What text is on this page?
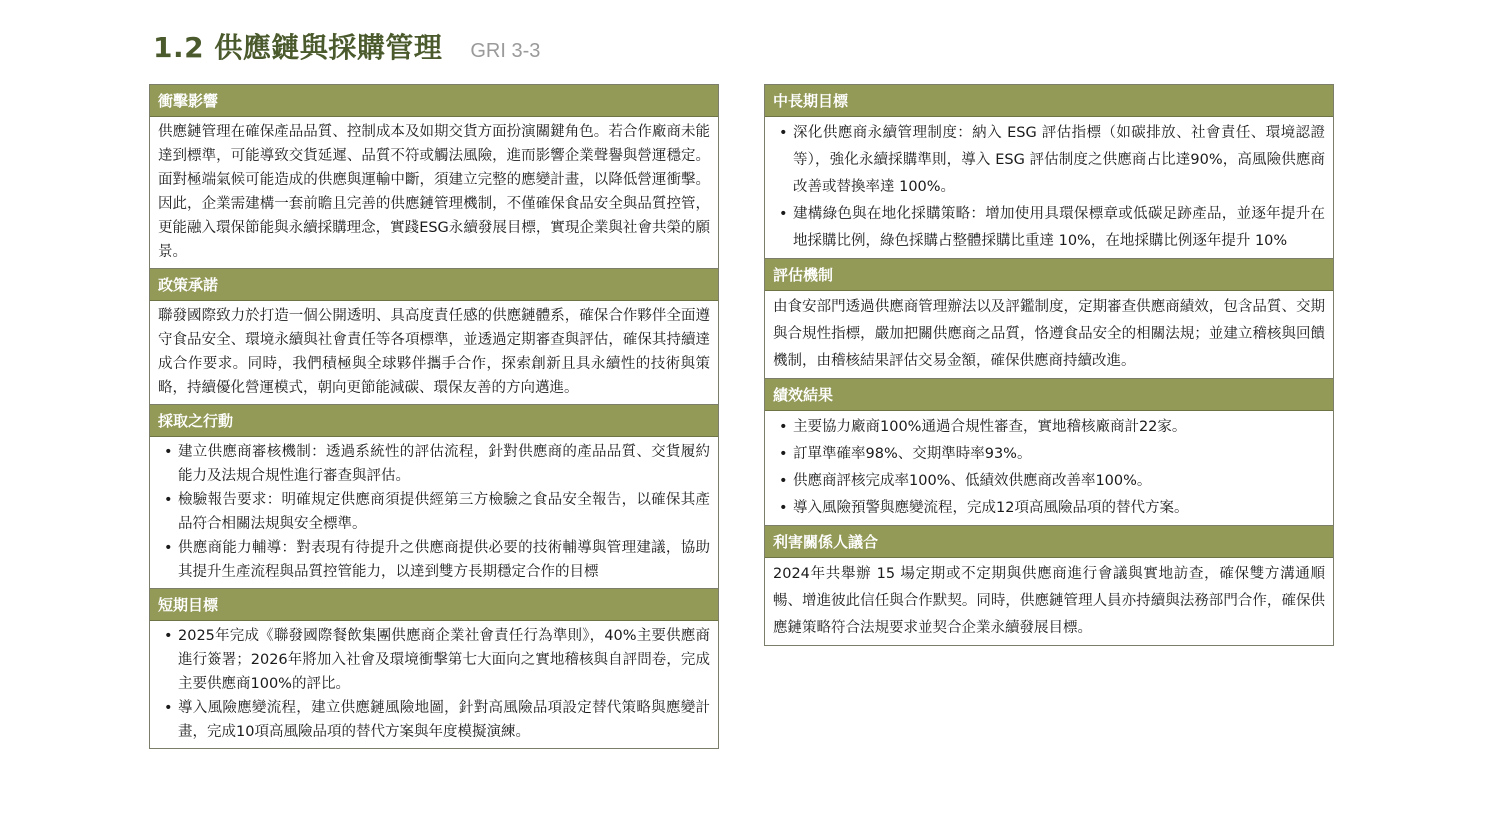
1.2 供應鏈與採購管理 GRI 3-3
衝擊影響
供應鏈管理在確保產品品質、控制成本及如期交貨方面扮演關鍵角色。若合作廠商未能達到標準，可能導致交貨延遲、品質不符或觸法風險，進而影響企業聲譽與營運穩定。面對極端氣候可能造成的供應與運輸中斷，須建立完整的應變計畫，以降低營運衝擊。因此，企業需建構一套前瞻且完善的供應鏈管理機制，不僅確保食品安全與品質控管，更能融入環保節能與永續採購理念，實踐ESG永續發展目標，實現企業與社會共榮的願景。
政策承諾
聯發國際致力於打造一個公開透明、具高度責任感的供應鏈體系，確保合作夥伴全面遵守食品安全、環境永續與社會責任等各項標準，並透過定期審查與評估，確保其持續達成合作要求。同時，我們積極與全球夥伴攜手合作，探索創新且具永續性的技術與策略，持續優化營運模式，朝向更節能減碳、環保友善的方向邁進。
採取之行動
• 建立供應商審核機制：透過系統性的評估流程，針對供應商的產品品質、交貨履約能力及法規合規性進行審查與評估。
• 檢驗報告要求：明確規定供應商須提供經第三方檢驗之食品安全報告，以確保其產品符合相關法規與安全標準。
• 供應商能力輔導：對表現有待提升之供應商提供必要的技術輔導與管理建議，協助其提升生產流程與品質控管能力，以達到雙方長期穩定合作的目標
短期目標
• 2025年完成《聯發國際餐飲集團供應商企業社會責任行為準則》，40%主要供應商進行簽署；2026年將加入社會及環境衝擊第七大面向之實地稽核與自評問卷，完成主要供應商100%的評比。
• 導入風險應變流程，建立供應鏈風險地圖，針對高風險品項設定替代策略與應變計畫，完成10項高風險品項的替代方案與年度模擬演練。
中長期目標
• 深化供應商永續管理制度：納入 ESG 評估指標（如碳排放、社會責任、環境認證等），強化永續採購準則，導入 ESG 評估制度之供應商占比達90%，高風險供應商改善或替換率達 100%。
• 建構綠色與在地化採購策略：增加使用具環保標章或低碳足跡產品，並逐年提升在地採購比例，綠色採購占整體採購比重達 10%，在地採購比例逐年提升 10%
評估機制
由食安部門透過供應商管理辦法以及評鑑制度，定期審查供應商績效，包含品質、交期與合規性指標，嚴加把關供應商之品質，恪遵食品安全的相關法規；並建立稽核與回饋機制，由稽核結果評估交易金額，確保供應商持續改進。
績效結果
• 主要協力廠商100%通過合規性審查，實地稽核廠商計22家。
• 訂單準確率98%、交期準時率93%。
• 供應商評核完成率100%、低績效供應商改善率100%。
• 導入風險預警與應變流程，完成12項高風險品項的替代方案。
利害關係人議合
2024年共舉辦 15 場定期或不定期與供應商進行會議與實地訪查，確保雙方溝通順暢、增進彼此信任與合作默契。同時，供應鏈管理人員亦持續與法務部門合作，確保供應鏈策略符合法規要求並契合企業永續發展目標。
